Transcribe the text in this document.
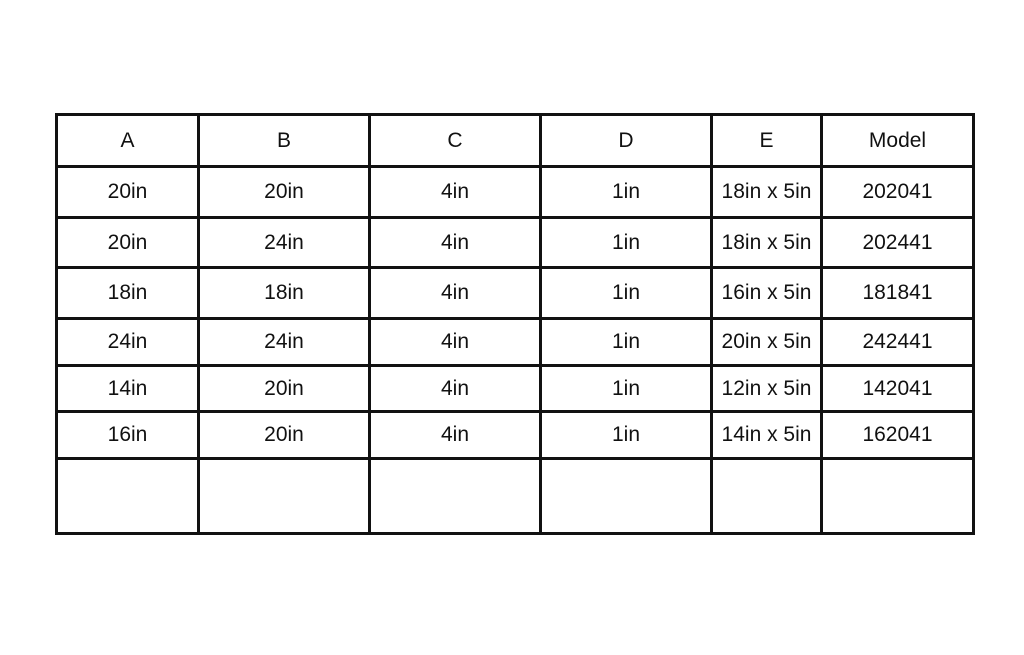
A	B	C	D	E	Model
20in	20in	4in	1in	18in x 5in	202041
20in	24in	4in	1in	18in x 5in	202441
18in	18in	4in	1in	16in x 5in	181841
24in	24in	4in	1in	20in x 5in	242441
14in	20in	4in	1in	12in x 5in	142041
16in	20in	4in	1in	14in x 5in	162041
